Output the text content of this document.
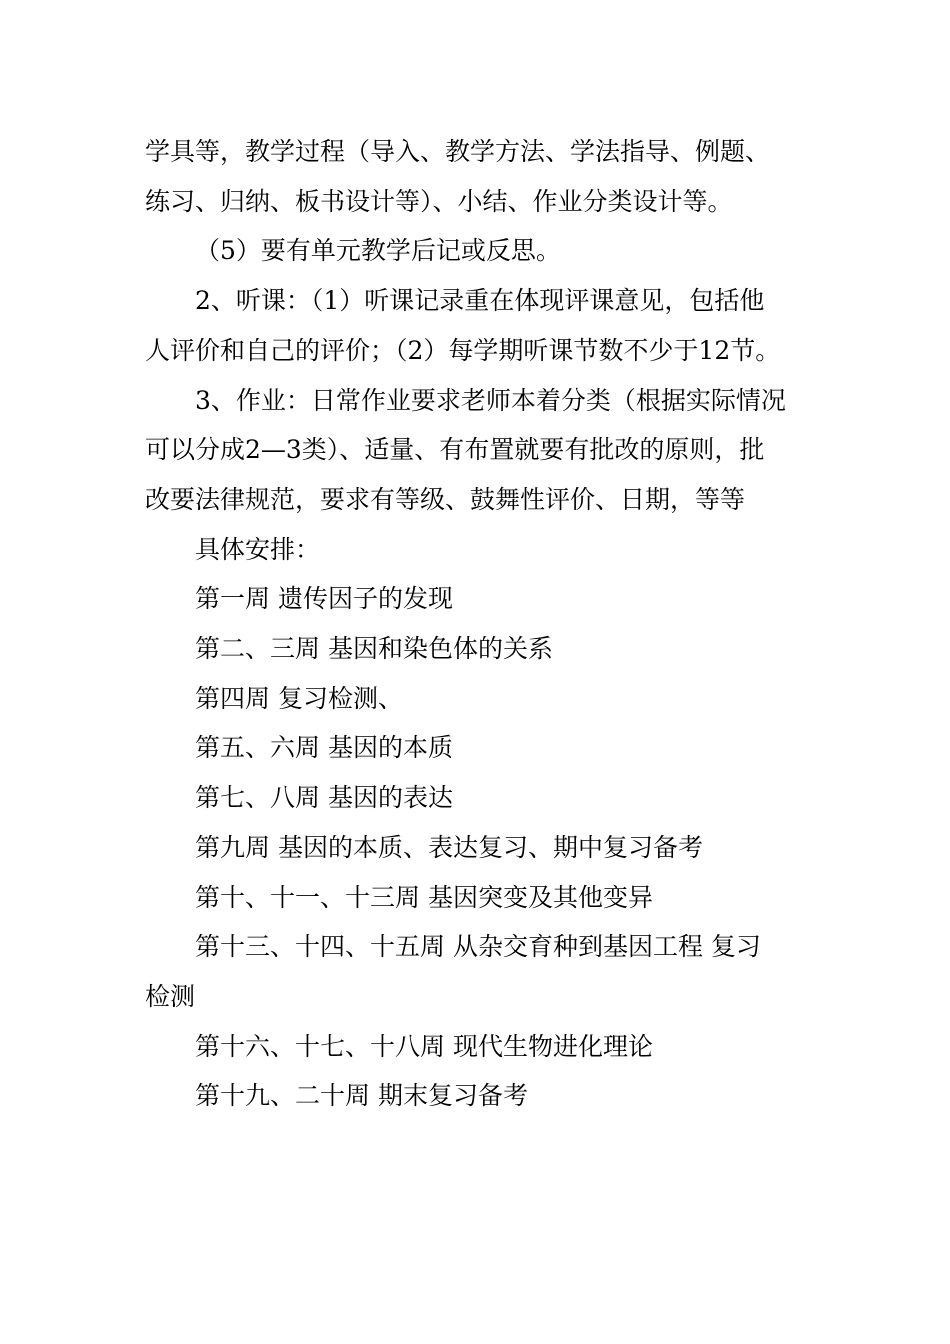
学具等，教学过程（导入、教学方法、学法指导、例题、
练习、归纳、板书设计等）、小结、作业分类设计等。
（5）要有单元教学后记或反思。
2、听课：（1）听课记录重在体现评课意见，包括他
人评价和自己的评价；（2）每学期听课节数不少于12节。
3、作业：日常作业要求老师本着分类（根据实际情况
可以分成2—3类）、适量、有布置就要有批改的原则，批
改要法律规范，要求有等级、鼓舞性评价、日期，等等
具体安排：
第一周 遗传因子的发现
第二、三周 基因和染色体的关系
第四周 复习检测、
第五、六周 基因的本质
第七、八周 基因的表达
第九周 基因的本质、表达复习、期中复习备考
第十、十一、十三周 基因突变及其他变异
第十三、十四、十五周 从杂交育种到基因工程 复习
检测
第十六、十七、十八周 现代生物进化理论
第十九、二十周 期末复习备考
